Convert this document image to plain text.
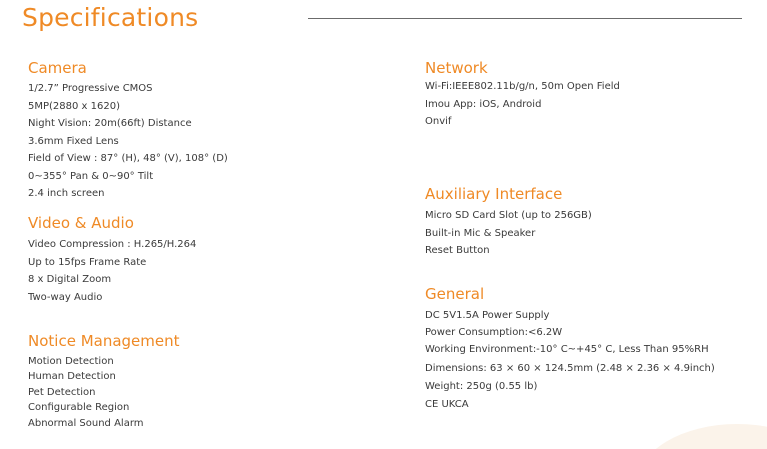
Specifications
Camera
1/2.7” Progressive CMOS
5MP(2880 x 1620)
Night Vision: 20m(66ft) Distance
3.6mm Fixed Lens
Field of View : 87° (H), 48° (V), 108° (D)
0~355° Pan & 0~90° Tilt
2.4 inch screen
Video & Audio
Video Compression : H.265/H.264
Up to 15fps Frame Rate
8 x Digital Zoom
Two-way Audio
Notice Management
Motion Detection
Human Detection
Pet Detection
Configurable Region
Abnormal Sound Alarm
Network
Wi-Fi:IEEE802.11b/g/n, 50m Open Field
Imou App: iOS, Android
Onvif
Auxiliary Interface
Micro SD Card Slot (up to 256GB)
Built-in Mic & Speaker
Reset Button
General
DC 5V1.5A Power Supply
Power Consumption:<6.2W
Working Environment:-10° C~+45° C, Less Than 95%RH
Dimensions: 63 × 60 × 124.5mm (2.48 × 2.36 × 4.9inch)
Weight: 250g (0.55 lb)
CE UKCA
